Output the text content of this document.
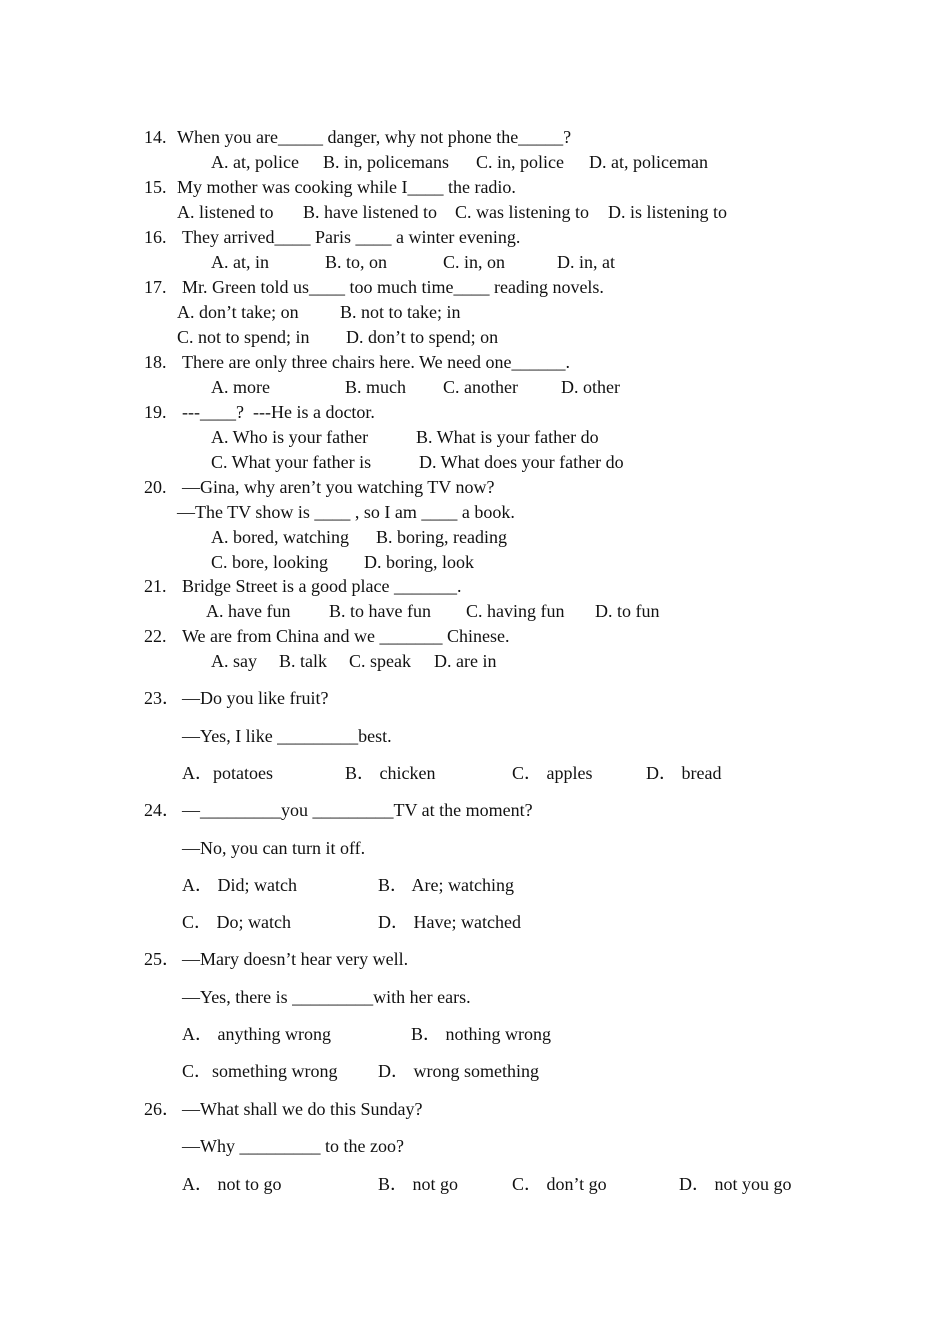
14. When you are_____ danger, why not phone the_____?
A. at, police B. in, policemans C. in, police D. at, policeman
15. My mother was cooking while I____ the radio.
A. listened to B. have listened to C. was listening to D. is listening to
16. They arrived____ Paris ____ a winter evening.
A. at, in	B. to, on	C. in, on	D. in, at
17. Mr. Green told us____ too much time____ reading novels.
A. don’t take; on B. not to take; in
C. not to spend; in D. don’t to spend; on
18. There are only three chairs here. We need one______.
A. more	B. much C. another D. other
19. ---____?  ---He is a doctor.
A. Who is your father	B. What is your father do
C. What your father is	D. What does your father do
20. —Gina, why aren’t you watching TV now?
—The TV show is ____ , so I am ____ a book.
A. bored, watching B. boring, reading
C. bore, looking D. boring, look
21. Bridge Street is a good place _______.
A. have fun B. to have fun C. having fun D. to fun
22. We are from China and we _______ Chinese.
A. say B. talk C. speak D. are in
23． —Do you like fruit?
—Yes, I like _________best.
A．potatoes	B． chicken	C． apples	D． bread
24． —_________you _________TV at the moment?
—No, you can turn it off.
A． Did; watch	B． Are; watching
C． Do; watch	D． Have; watched
25． —Mary doesn’t hear very well.
—Yes, there is _________with her ears.
A． anything wrong	B． nothing wrong
C．something wrong D． wrong something
26． —What shall we do this Sunday?
—Why _________ to the zoo?
A． not to go	B． not go	C． don’t go	D． not you go
